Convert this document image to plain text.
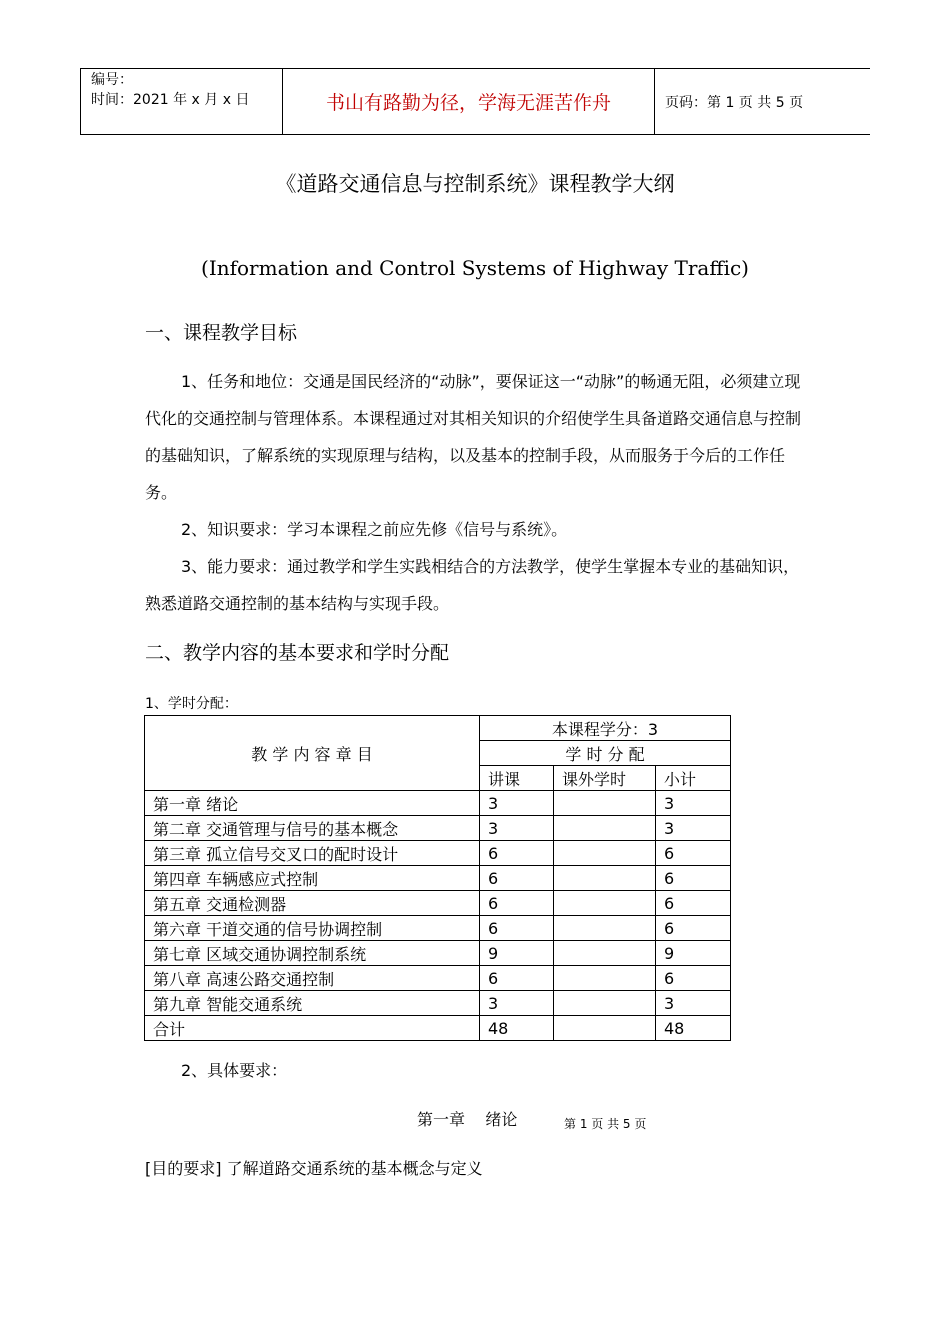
编号：
时间：2021 年 x 月 x 日	书山有路勤为径，学海无涯苦作舟	页码：第 1 页 共 5 页
《道路交通信息与控制系统》课程教学大纲
(Information and Control Systems of Highway Traffic)
一、课程教学目标

1、任务和地位：交通是国民经济的“动脉”，要保证这一“动脉”的畅通无阻，必须建立现代化的交通控制与管理体系。本课程通过对其相关知识的介绍使学生具备道路交通信息与控制的基础知识，了解系统的实现原理与结构，以及基本的控制手段，从而服务于今后的工作任务。

2、知识要求：学习本课程之前应先修《信号与系统》。

3、能力要求：通过教学和学生实践相结合的方法教学，使学生掌握本专业的基础知识，熟悉道路交通控制的基本结构与实现手段。

二、教学内容的基本要求和学时分配
1、学时分配：
教 学 内 容 章 目	本课程学分：3		
	学 时 分 配		
	讲课	课外学时	小计
第一章 绪论	3		3
第二章 交通管理与信号的基本概念	3		3
第三章 孤立信号交叉口的配时设计	6		6
第四章 车辆感应式控制	6		6
第五章 交通检测器	6		6
第六章 干道交通的信号协调控制	6		6
第七章 区域交通协调控制系统	9		9
第八章 高速公路交通控制	6		6
第九章 智能交通系统	3		3
合计	48		48
2、具体要求：
第一章    绪论	第 1 页 共 5 页
[目的要求] 了解道路交通系统的基本概念与定义
